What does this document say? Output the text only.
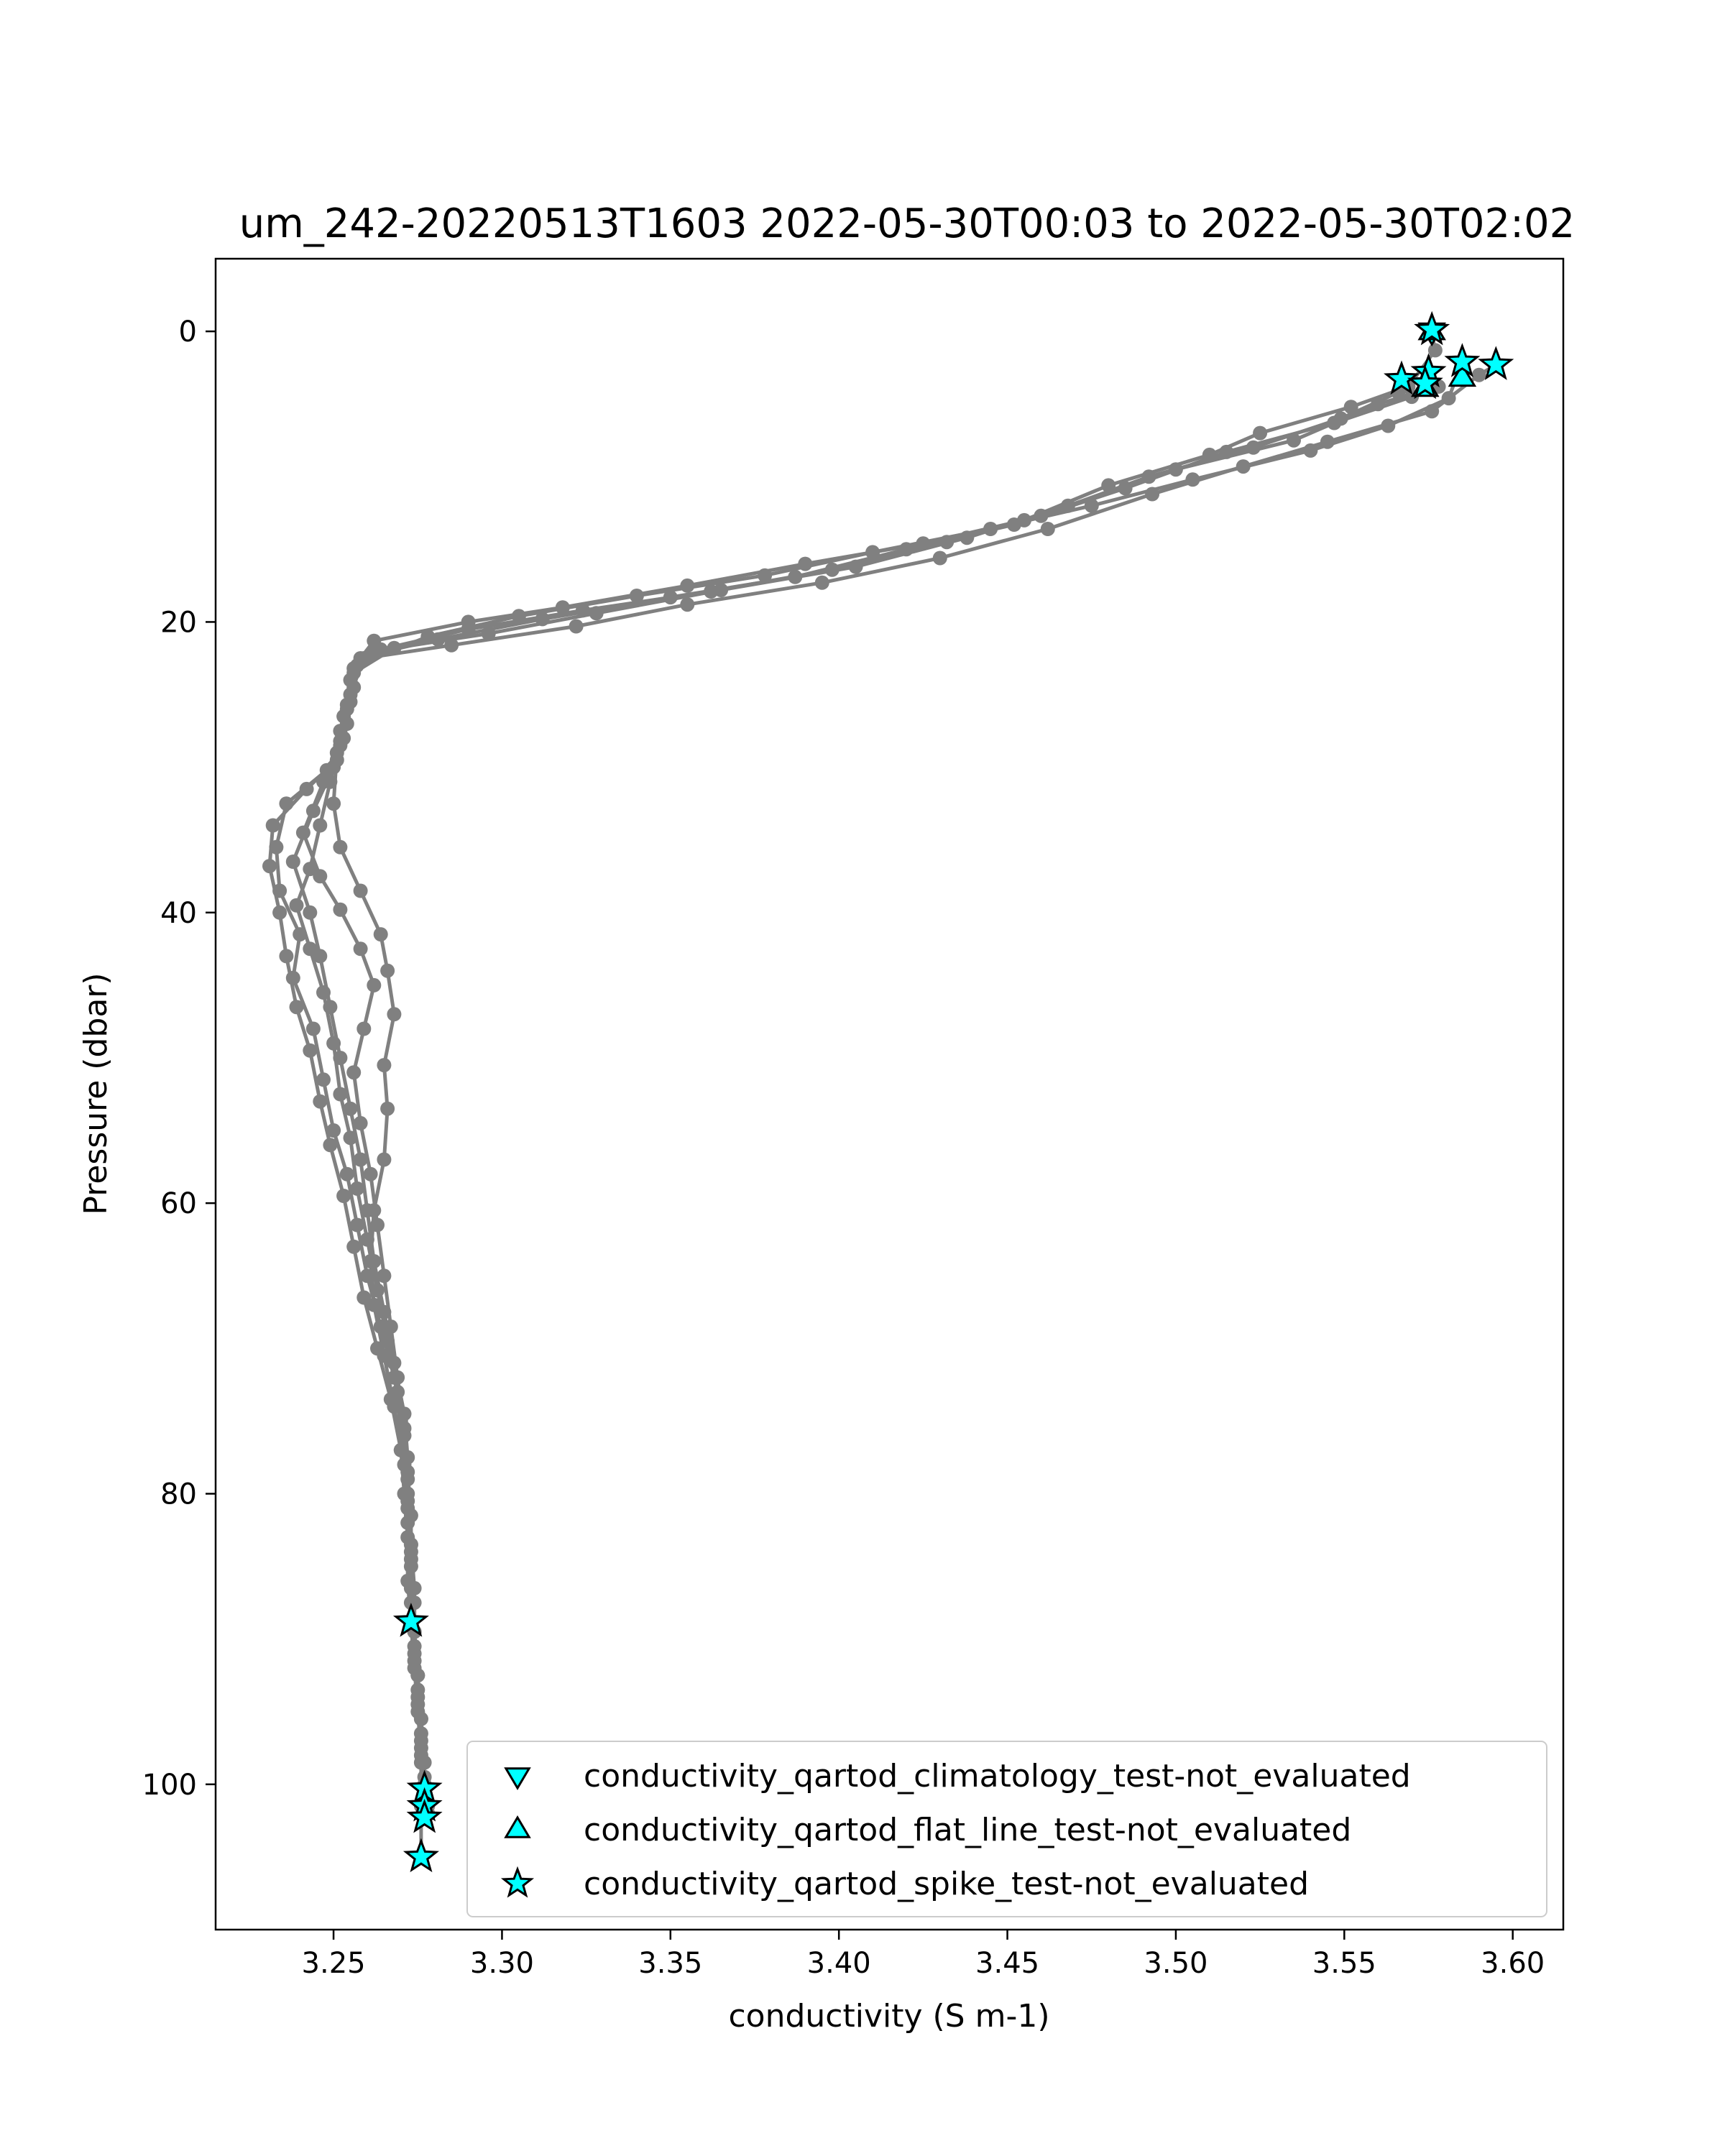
um_242-20220513T1603 2022-05-30T00:03 to 2022-05-30T02:02
3.25	3.30	3.35	3.40	3.45	3.50	3.55	3.60
0
20
40
60
80
100
conductivity (S m-1)
Pressure (dbar)
conductivity_qartod_climatology_test-not_evaluated
conductivity_qartod_flat_line_test-not_evaluated
conductivity_qartod_spike_test-not_evaluated
